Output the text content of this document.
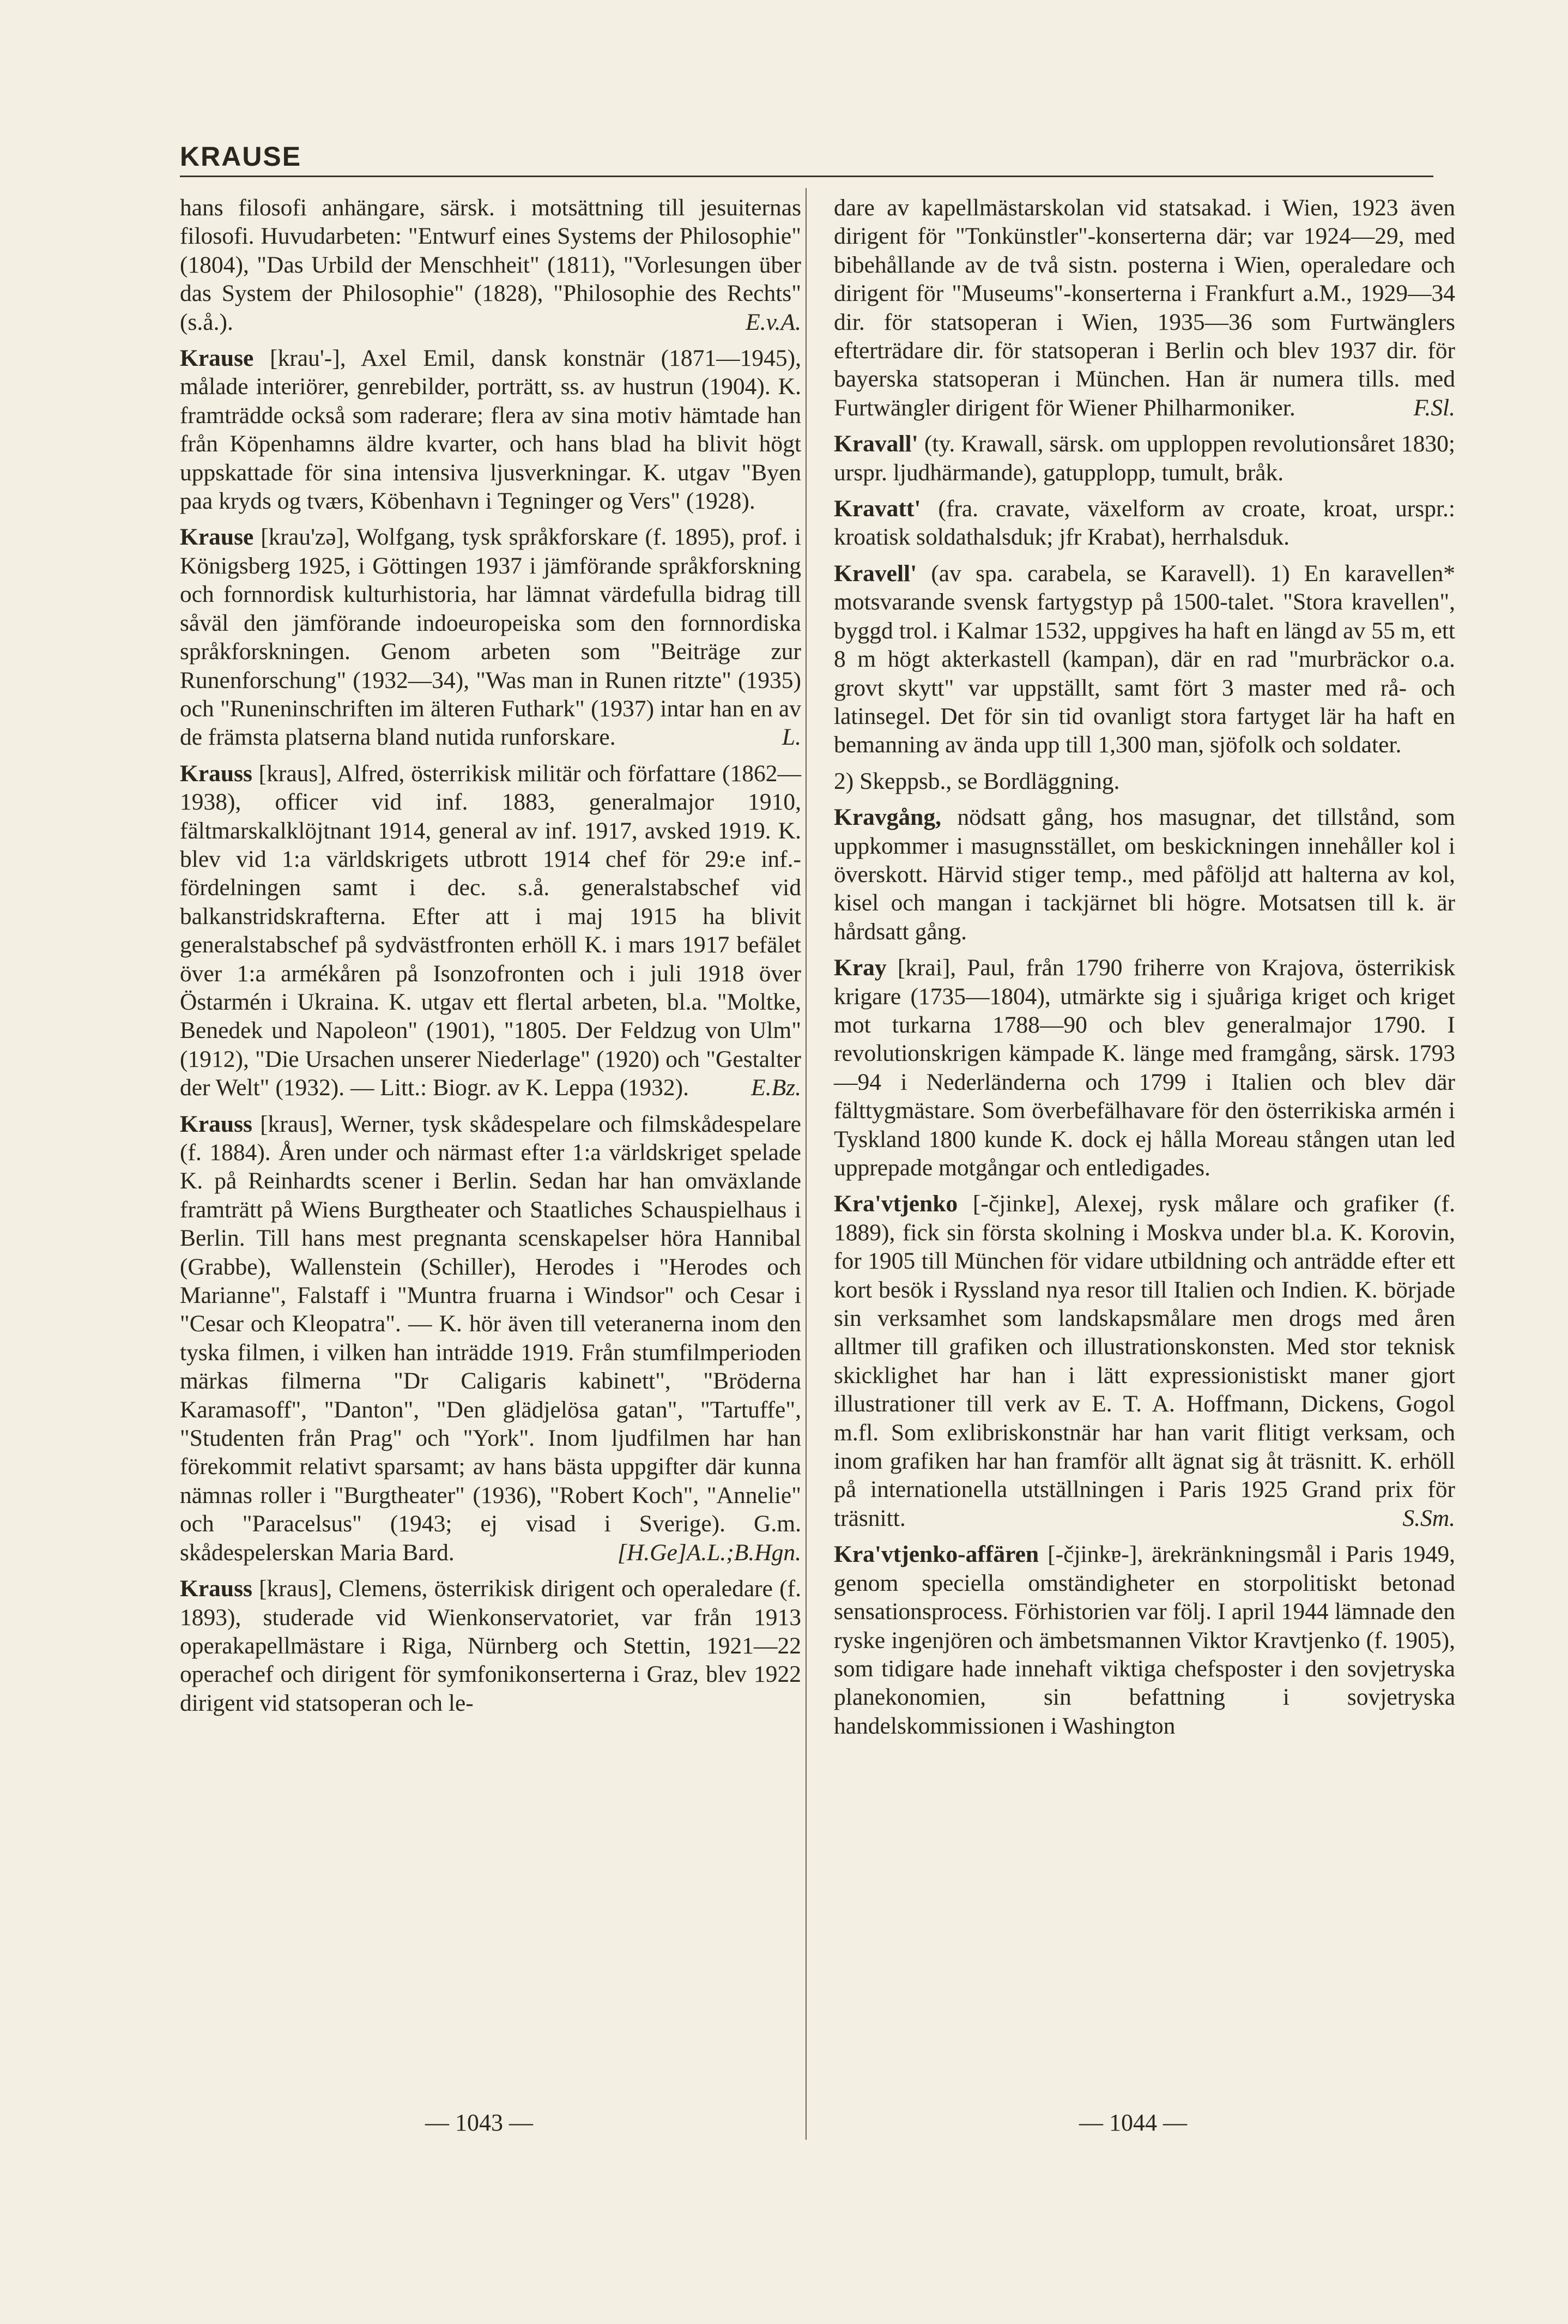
KRAUSE

hans filosofi anhängare, särsk. i motsättning till jesuiternas filosofi. Huvudarbeten: "Entwurf eines Systems der Philosophie" (1804), "Das Urbild der Menschheit" (1811), "Vorlesungen über das System der Philosophie" (1828), "Philosophie des Rechts" (s.å.).	E.v.A.

Krause [krau'-], Axel Emil, dansk konstnär (1871—1945), målade interiörer, genrebilder, porträtt, ss. av hustrun (1904). K. framträdde också som raderare; flera av sina motiv hämtade han från Köpenhamns äldre kvarter, och hans blad ha blivit högt uppskattade för sina intensiva ljusverkningar. K. utgav "Byen paa kryds og tværs, Köbenhavn i Tegninger og Vers" (1928).

Krause [krau'zə], Wolfgang, tysk språkforskare (f. 1895), prof. i Königsberg 1925, i Göttingen 1937 i jämförande språkforskning och fornnordisk kulturhistoria, har lämnat värdefulla bidrag till såväl den jämförande indoeuropeiska som den fornnordiska språkforskningen. Genom arbeten som "Beiträge zur Runenforschung" (1932—34), "Was man in Runen ritzte" (1935) och "Runeninschriften im älteren Futhark" (1937) intar han en av de främsta platserna bland nutida runforskare.	L.

Krauss [kraus], Alfred, österrikisk militär och författare (1862—1938), officer vid inf. 1883, generalmajor 1910, fältmarskalklöjtnant 1914, general av inf. 1917, avsked 1919. K. blev vid 1:a världskrigets utbrott 1914 chef för 29:e inf.-fördelningen samt i dec. s.å. generalstabschef vid balkanstridskrafterna. Efter att i maj 1915 ha blivit generalstabschef på sydvästfronten erhöll K. i mars 1917 befälet över 1:a armékåren på Isonzofronten och i juli 1918 över Östarmén i Ukraina. K. utgav ett flertal arbeten, bl.a. "Moltke, Benedek und Napoleon" (1901), "1805. Der Feldzug von Ulm" (1912), "Die Ursachen unserer Niederlage" (1920) och "Gestalter der Welt" (1932). — Litt.: Biogr. av K. Leppa (1932).	E.Bz.

Krauss [kraus], Werner, tysk skådespelare och filmskådespelare (f. 1884). Åren under och närmast efter 1:a världskriget spelade K. på Reinhardts scener i Berlin. Sedan har han omväxlande framträtt på Wiens Burgtheater och Staatliches Schauspielhaus i Berlin. Till hans mest pregnanta scenskapelser höra Hannibal (Grabbe), Wallenstein (Schiller), Herodes i "Herodes och Marianne", Falstaff i "Muntra fruarna i Windsor" och Cesar i "Cesar och Kleopatra". — K. hör även till veteranerna inom den tyska filmen, i vilken han inträdde 1919. Från stumfilmperioden märkas filmerna "Dr Caligaris kabinett", "Bröderna Karamasoff", "Danton", "Den glädjelösa gatan", "Tartuffe", "Studenten från Prag" och "York". Inom ljudfilmen har han förekommit relativt sparsamt; av hans bästa uppgifter där kunna nämnas roller i "Burgtheater" (1936), "Robert Koch", "Annelie" och "Paracelsus" (1943; ej visad i Sverige). G.m. skådespelerskan Maria Bard.	[H.Ge]A.L.;B.Hgn.

Krauss [kraus], Clemens, österrikisk dirigent och operaledare (f. 1893), studerade vid Wienkonservatoriet, var från 1913 operakapellmästare i Riga, Nürnberg och Stettin, 1921—22 operachef och dirigent för symfonikonserterna i Graz, blev 1922 dirigent vid statsoperan och le-

dare av kapellmästarskolan vid statsakad. i Wien, 1923 även dirigent för "Tonkünstler"-konserterna där; var 1924—29, med bibehållande av de två sistn. posterna i Wien, operaledare och dirigent för "Museums"-konserterna i Frankfurt a.M., 1929—34 dir. för statsoperan i Wien, 1935—36 som Furtwänglers efterträdare dir. för statsoperan i Berlin och blev 1937 dir. för bayerska statsoperan i München. Han är numera tills. med Furtwängler dirigent för Wiener Philharmoniker.	F.Sl.

Kravall' (ty. Krawall, särsk. om upploppen revolutionsåret 1830; urspr. ljudhärmande), gatupplopp, tumult, bråk.

Kravatt' (fra. cravate, växelform av croate, kroat, urspr.: kroatisk soldathalsduk; jfr Krabat), herrhalsduk.

Kravell' (av spa. carabela, se Karavell). 1) En karavellen* motsvarande svensk fartygstyp på 1500-talet. "Stora kravellen", byggd trol. i Kalmar 1532, uppgives ha haft en längd av 55 m, ett 8 m högt akterkastell (kampan), där en rad "murbräckor o.a. grovt skytt" var uppställt, samt fört 3 master med rå- och latinsegel. Det för sin tid ovanligt stora fartyget lär ha haft en bemanning av ända upp till 1,300 man, sjöfolk och soldater.

2) Skeppsb., se Bordläggning.

Kravgång, nödsatt gång, hos masugnar, det tillstånd, som uppkommer i masugnsstället, om beskickningen innehåller kol i överskott. Härvid stiger temp., med påföljd att halterna av kol, kisel och mangan i tackjärnet bli högre. Motsatsen till k. är hårdsatt gång.

Kray [krai], Paul, från 1790 friherre von Krajova, österrikisk krigare (1735—1804), utmärkte sig i sjuåriga kriget och kriget mot turkarna 1788—90 och blev generalmajor 1790. I revolutionskrigen kämpade K. länge med framgång, särsk. 1793—94 i Nederländerna och 1799 i Italien och blev där fälttygmästare. Som överbefälhavare för den österrikiska armén i Tyskland 1800 kunde K. dock ej hålla Moreau stången utan led upprepade motgångar och entledigades.

Kra'vtjenko [-čjinkɐ], Alexej, rysk målare och grafiker (f. 1889), fick sin första skolning i Moskva under bl.a. K. Korovin, for 1905 till München för vidare utbildning och anträdde efter ett kort besök i Ryssland nya resor till Italien och Indien. K. började sin verksamhet som landskapsmålare men drogs med åren alltmer till grafiken och illustrationskonsten. Med stor teknisk skicklighet har han i lätt expressionistiskt maner gjort illustrationer till verk av E. T. A. Hoffmann, Dickens, Gogol m.fl. Som exlibriskonstnär har han varit flitigt verksam, och inom grafiken har han framför allt ägnat sig åt träsnitt. K. erhöll på internationella utställningen i Paris 1925 Grand prix för träsnitt.	S.Sm.

Kra'vtjenko-affären [-čjinkɐ-], ärekränkningsmål i Paris 1949, genom speciella omständigheter en storpolitiskt betonad sensationsprocess. Förhistorien var följ. I april 1944 lämnade den ryske ingenjören och ämbetsmannen Viktor Kravtjenko (f. 1905), som tidigare hade innehaft viktiga chefsposter i den sovjetryska planekonomien, sin befattning i sovjetryska handelskommissionen i Washington

— 1043 —	— 1044 —
